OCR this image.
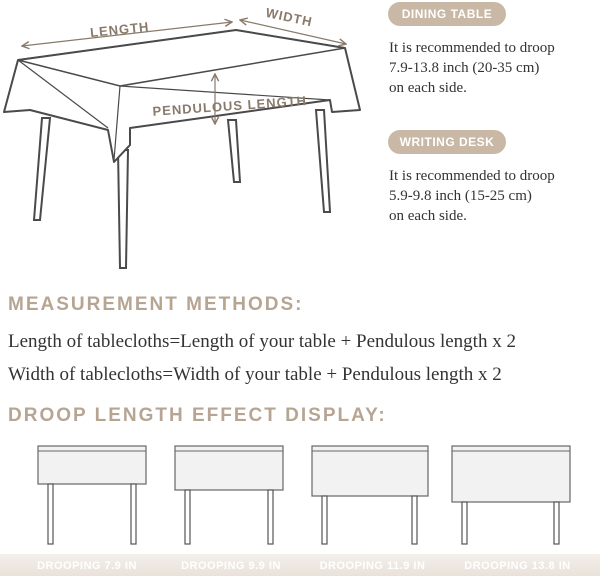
LENGTH
WIDTH
PENDULOUS LENGTH
DINING TABLE
It is recommended to droop
7.9-13.8 inch (20-35 cm)
on each side.
WRITING DESK
It is recommended to droop
5.9-9.8 inch (15-25 cm)
on each side.
MEASUREMENT METHODS:
Length of tablecloths=Length of your table + Pendulous length x 2
Width of tablecloths=Width of your table + Pendulous length x 2
DROOP LENGTH EFFECT DISPLAY:
DROOPING 7.9 IN	DROOPING 9.9 IN	DROOPING 11.9 IN	DROOPING 13.8 IN
